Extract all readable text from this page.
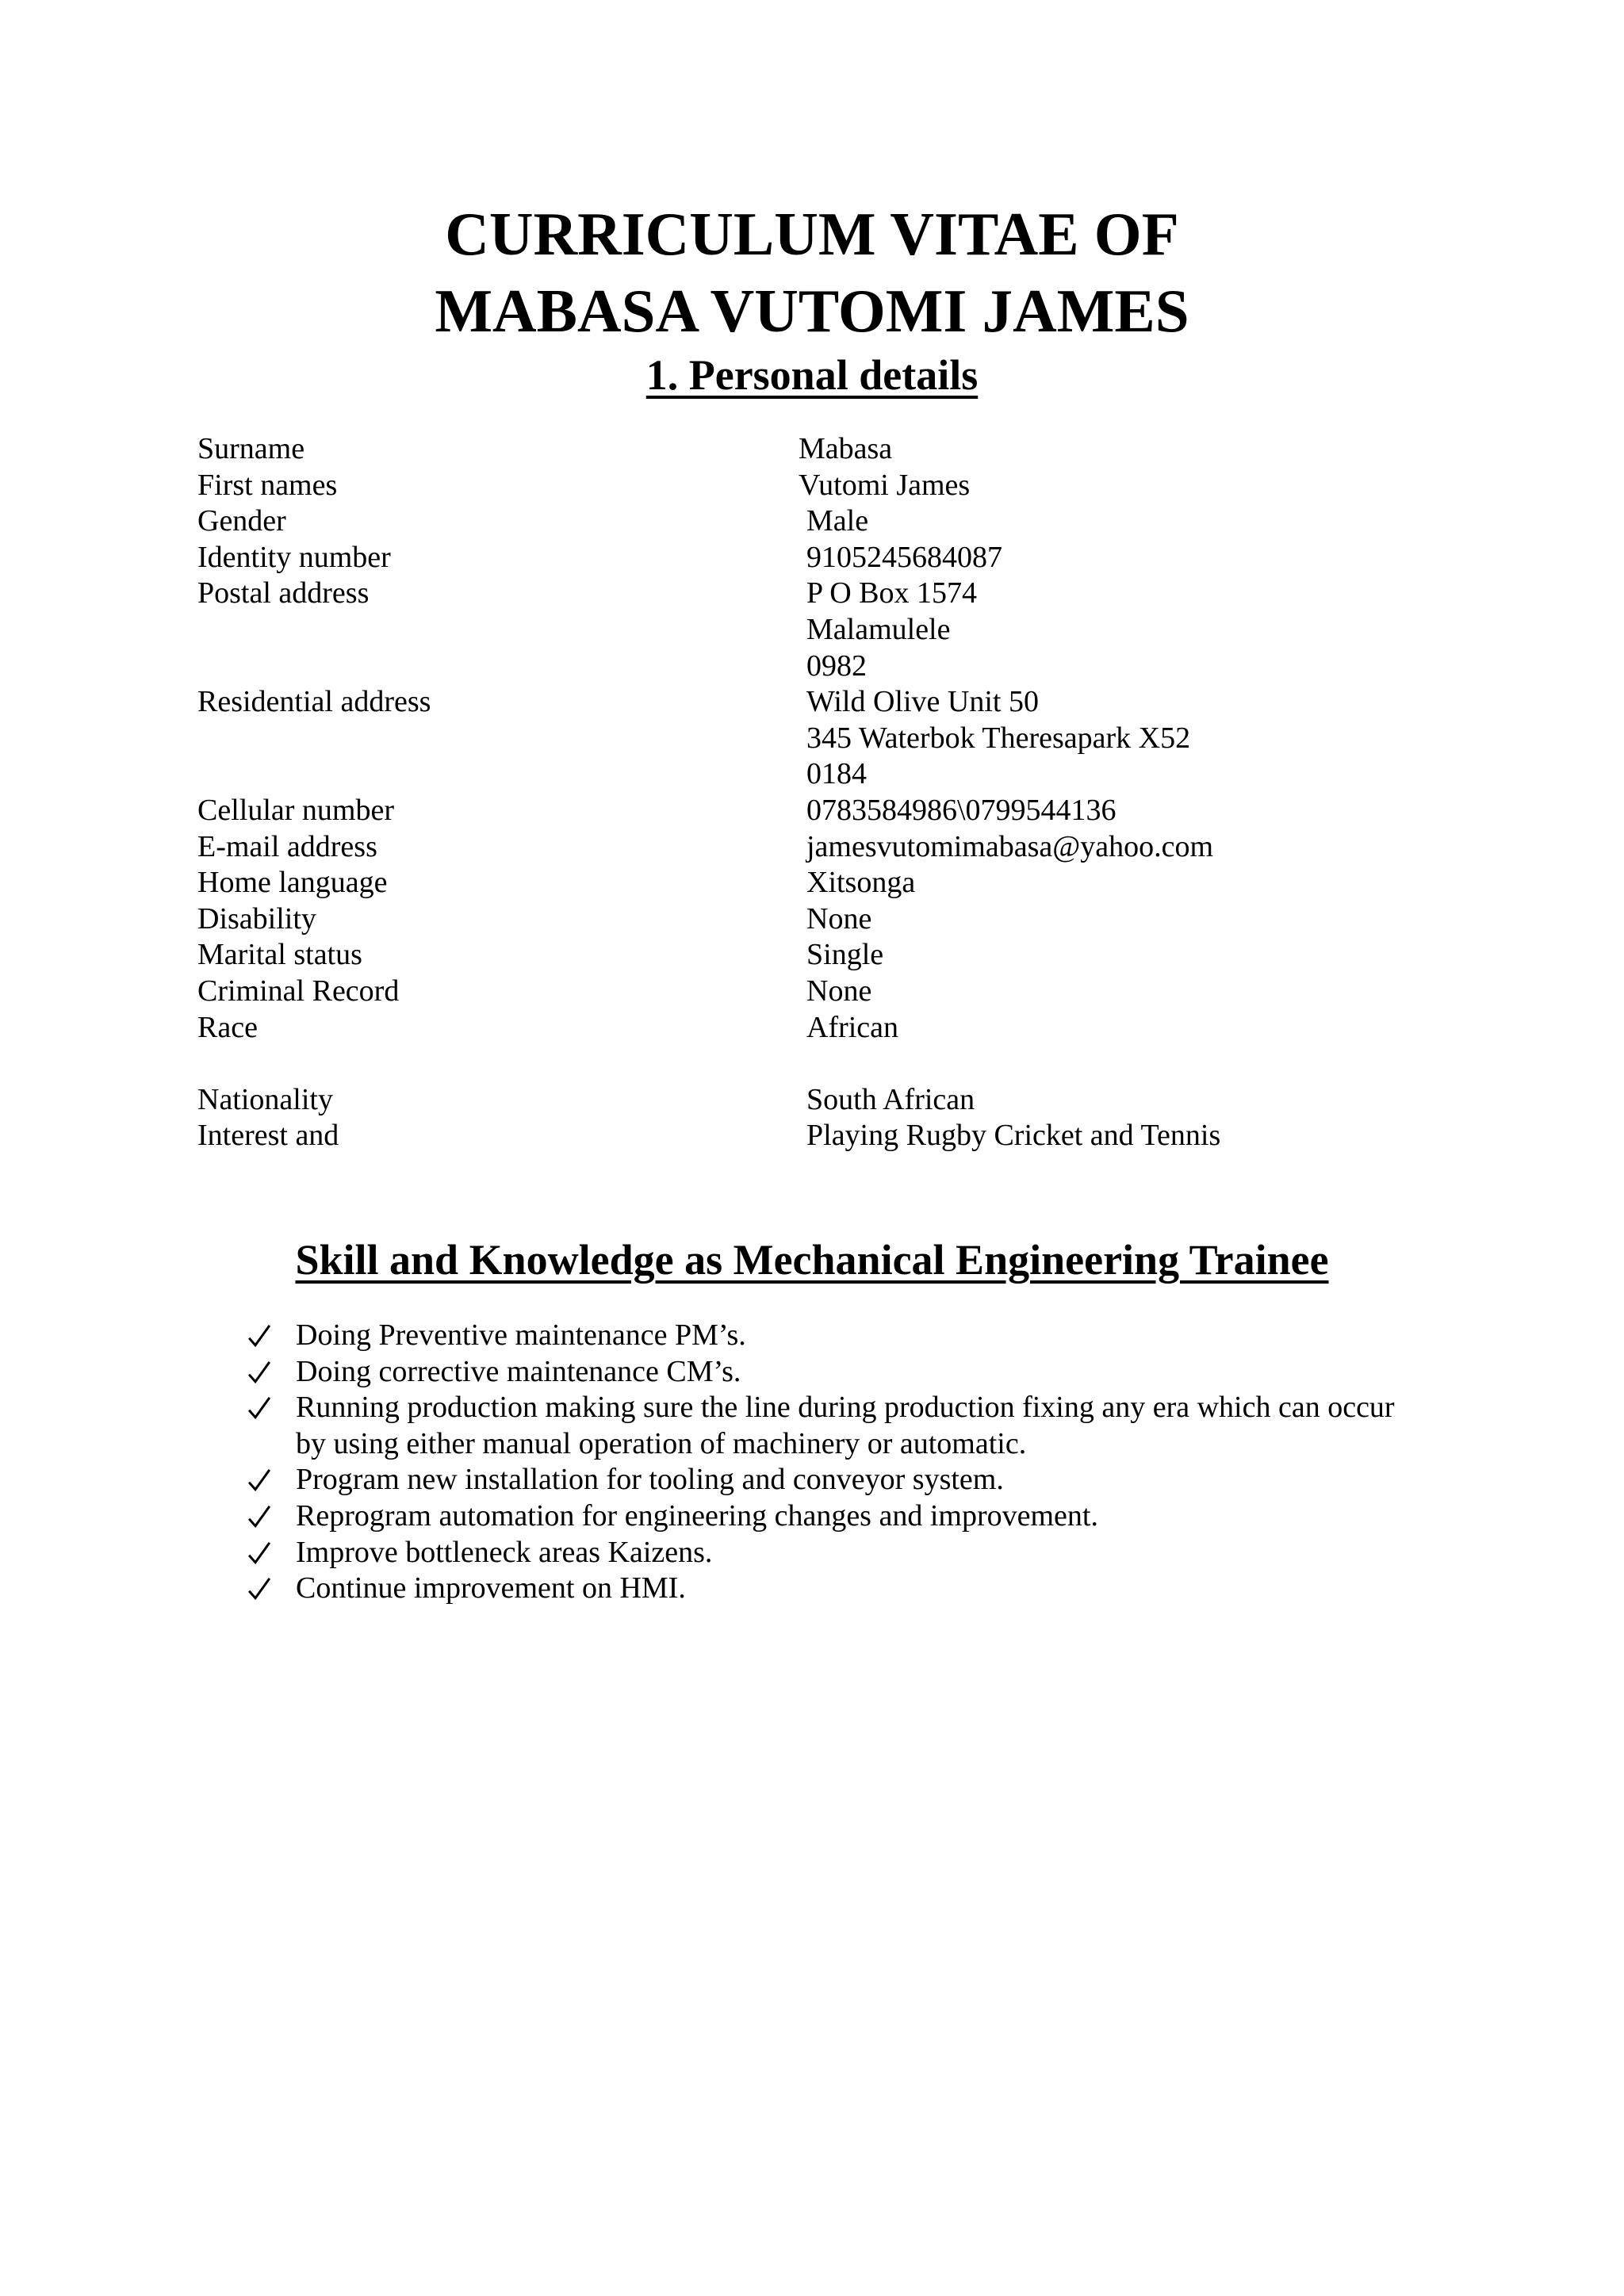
CURRICULUM VITAE OF
MABASA VUTOMI JAMES
1. Personal details
Surname	Mabasa
First names	Vutomi James
Gender	Male
Identity number	9105245684087
Postal address	P O Box 1574
Malamulele
0982
Residential address	Wild Olive Unit 50
345 Waterbok Theresapark X52
0184
Cellular number	0783584986\0799544136
E-mail address	jamesvutomimabasa@yahoo.com
Home language	Xitsonga
Disability	None
Marital status	Single
Criminal Record	None
Race	African
Nationality	South African
Interest and	Playing Rugby Cricket and Tennis
Skill and Knowledge as Mechanical Engineering Trainee
Doing Preventive maintenance PM’s.
Doing corrective maintenance CM’s.
Running production making sure the line during production fixing any era which can occur by using either manual operation of machinery or automatic.
Program new installation for tooling and conveyor system.
Reprogram automation for engineering changes and improvement.
Improve bottleneck areas Kaizens.
Continue improvement on HMI.
